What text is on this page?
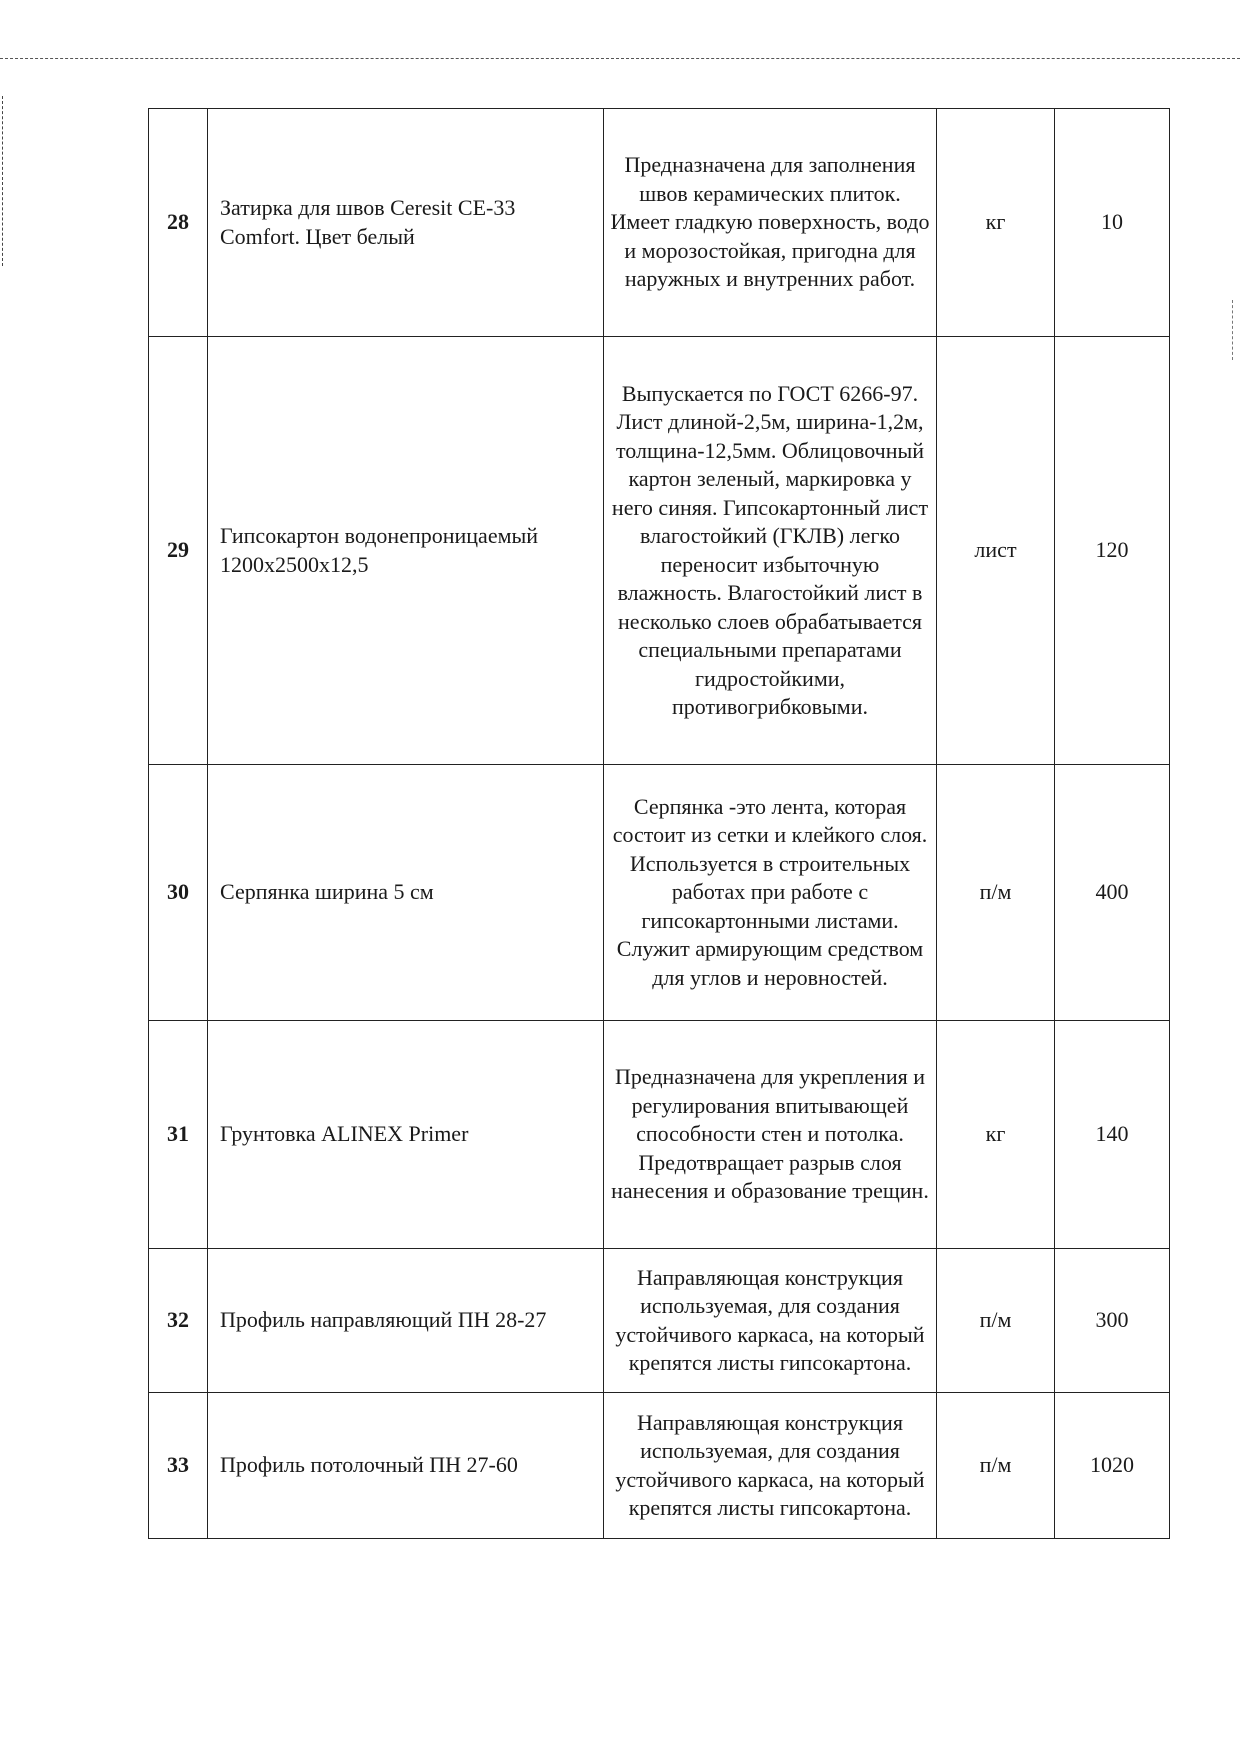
28	Затирка для швов Ceresit CE-33 Comfort. Цвет белый	Предназначена для заполнения швов керамических плиток. Имеет гладкую поверхность, водо и морозостойкая, пригодна для наружных и внутренних работ.	кг	10
29	Гипсокартон водонепроницаемый 1200х2500х12,5	Выпускается по ГОСТ 6266-97. Лист длиной-2,5м, ширина-1,2м, толщина-12,5мм. Облицовочный картон зеленый, маркировка у него синяя. Гипсокартонный лист влагостойкий (ГКЛВ) легко переносит избыточную влажность. Влагостойкий лист в несколько слоев обрабатывается специальными препаратами гидростойкими, противогрибковыми.	лист	120
30	Серпянка ширина 5 см	Серпянка -это лента, которая состоит из сетки и клейкого слоя. Используется в строительных работах при работе с гипсокартонными листами. Служит армирующим средством для углов и неровностей.	п/м	400
31	Грунтовка ALINEX Primer	Предназначена для укрепления и регулирования впитывающей способности стен и потолка. Предотвращает разрыв слоя нанесения и образование трещин.	кг	140
32	Профиль направляющий ПН 28-27	Направляющая конструкция используемая, для создания устойчивого каркаса, на который крепятся листы гипсокартона.	п/м	300
33	Профиль потолочный ПН 27-60	Направляющая конструкция используемая, для создания устойчивого каркаса, на который крепятся листы гипсокартона.	п/м	1020
